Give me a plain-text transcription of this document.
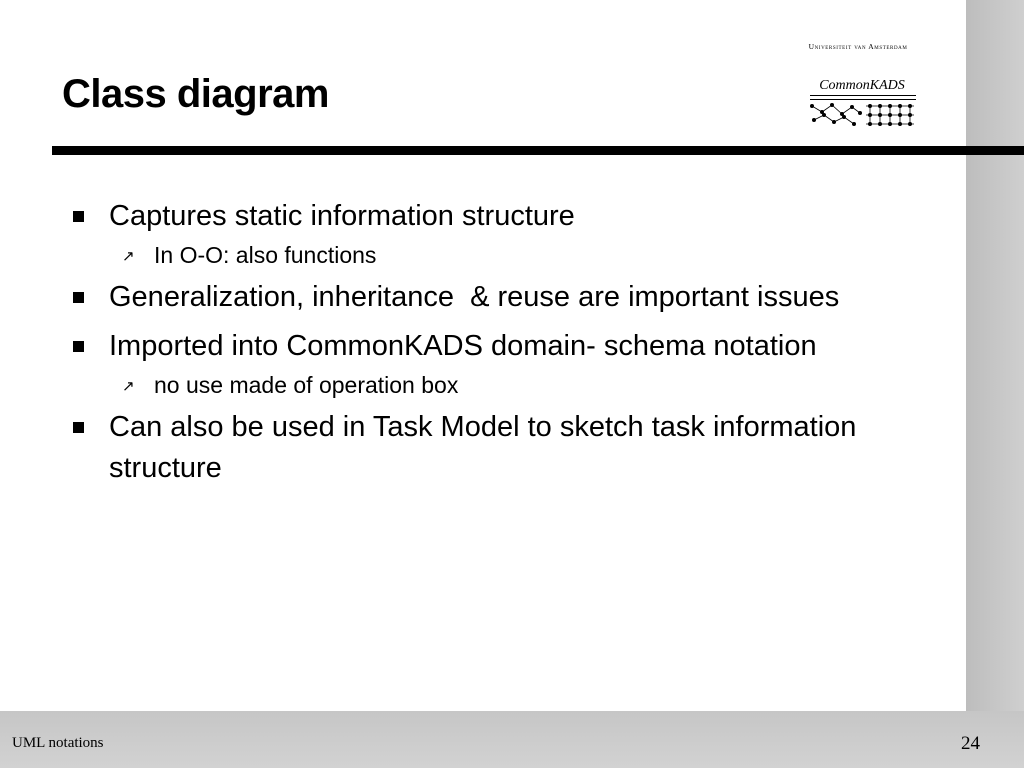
Class diagram
Universiteit van Amsterdam
CommonKADS
Captures static information structure
↗ In O-O: also functions
Generalization, inheritance  & reuse are important issues
Imported into CommonKADS domain- schema notation
↗ no use made of operation box
Can also be used in Task Model to sketch task information structure
UML notations	24
